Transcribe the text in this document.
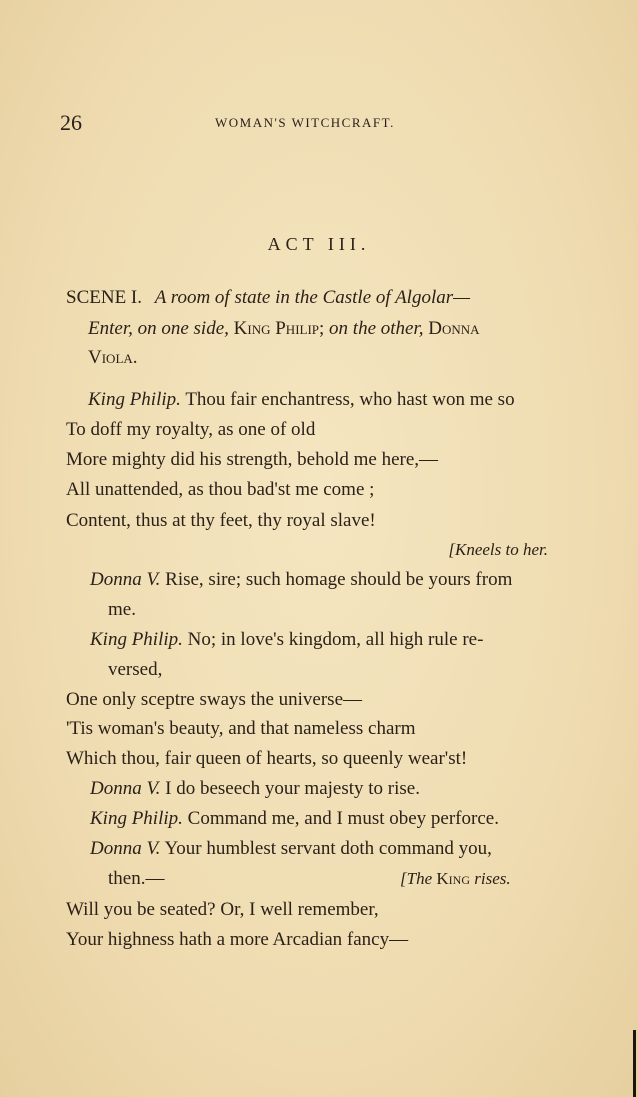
26	WOMAN'S WITCHCRAFT.
ACT III.
SCENE I. A room of state in the Castle of Algolar—
Enter, on one side, King Philip; on the other, Donna
Viola.
King Philip. Thou fair enchantress, who hast won me so
To doff my royalty, as one of old
More mighty did his strength, behold me here,—
All unattended, as thou bad'st me come ;
Content, thus at thy feet, thy royal slave!
[Kneels to her.
Donna V. Rise, sire; such homage should be yours from
me.
King Philip. No; in love's kingdom, all high rule re-
versed,
One only sceptre sways the universe—
'Tis woman's beauty, and that nameless charm
Which thou, fair queen of hearts, so queenly wear'st!
Donna V. I do beseech your majesty to rise.
King Philip. Command me, and I must obey perforce.
Donna V. Your humblest servant doth command you,
then.—	[The King rises.
Will you be seated? Or, I well remember,
Your highness hath a more Arcadian fancy—
